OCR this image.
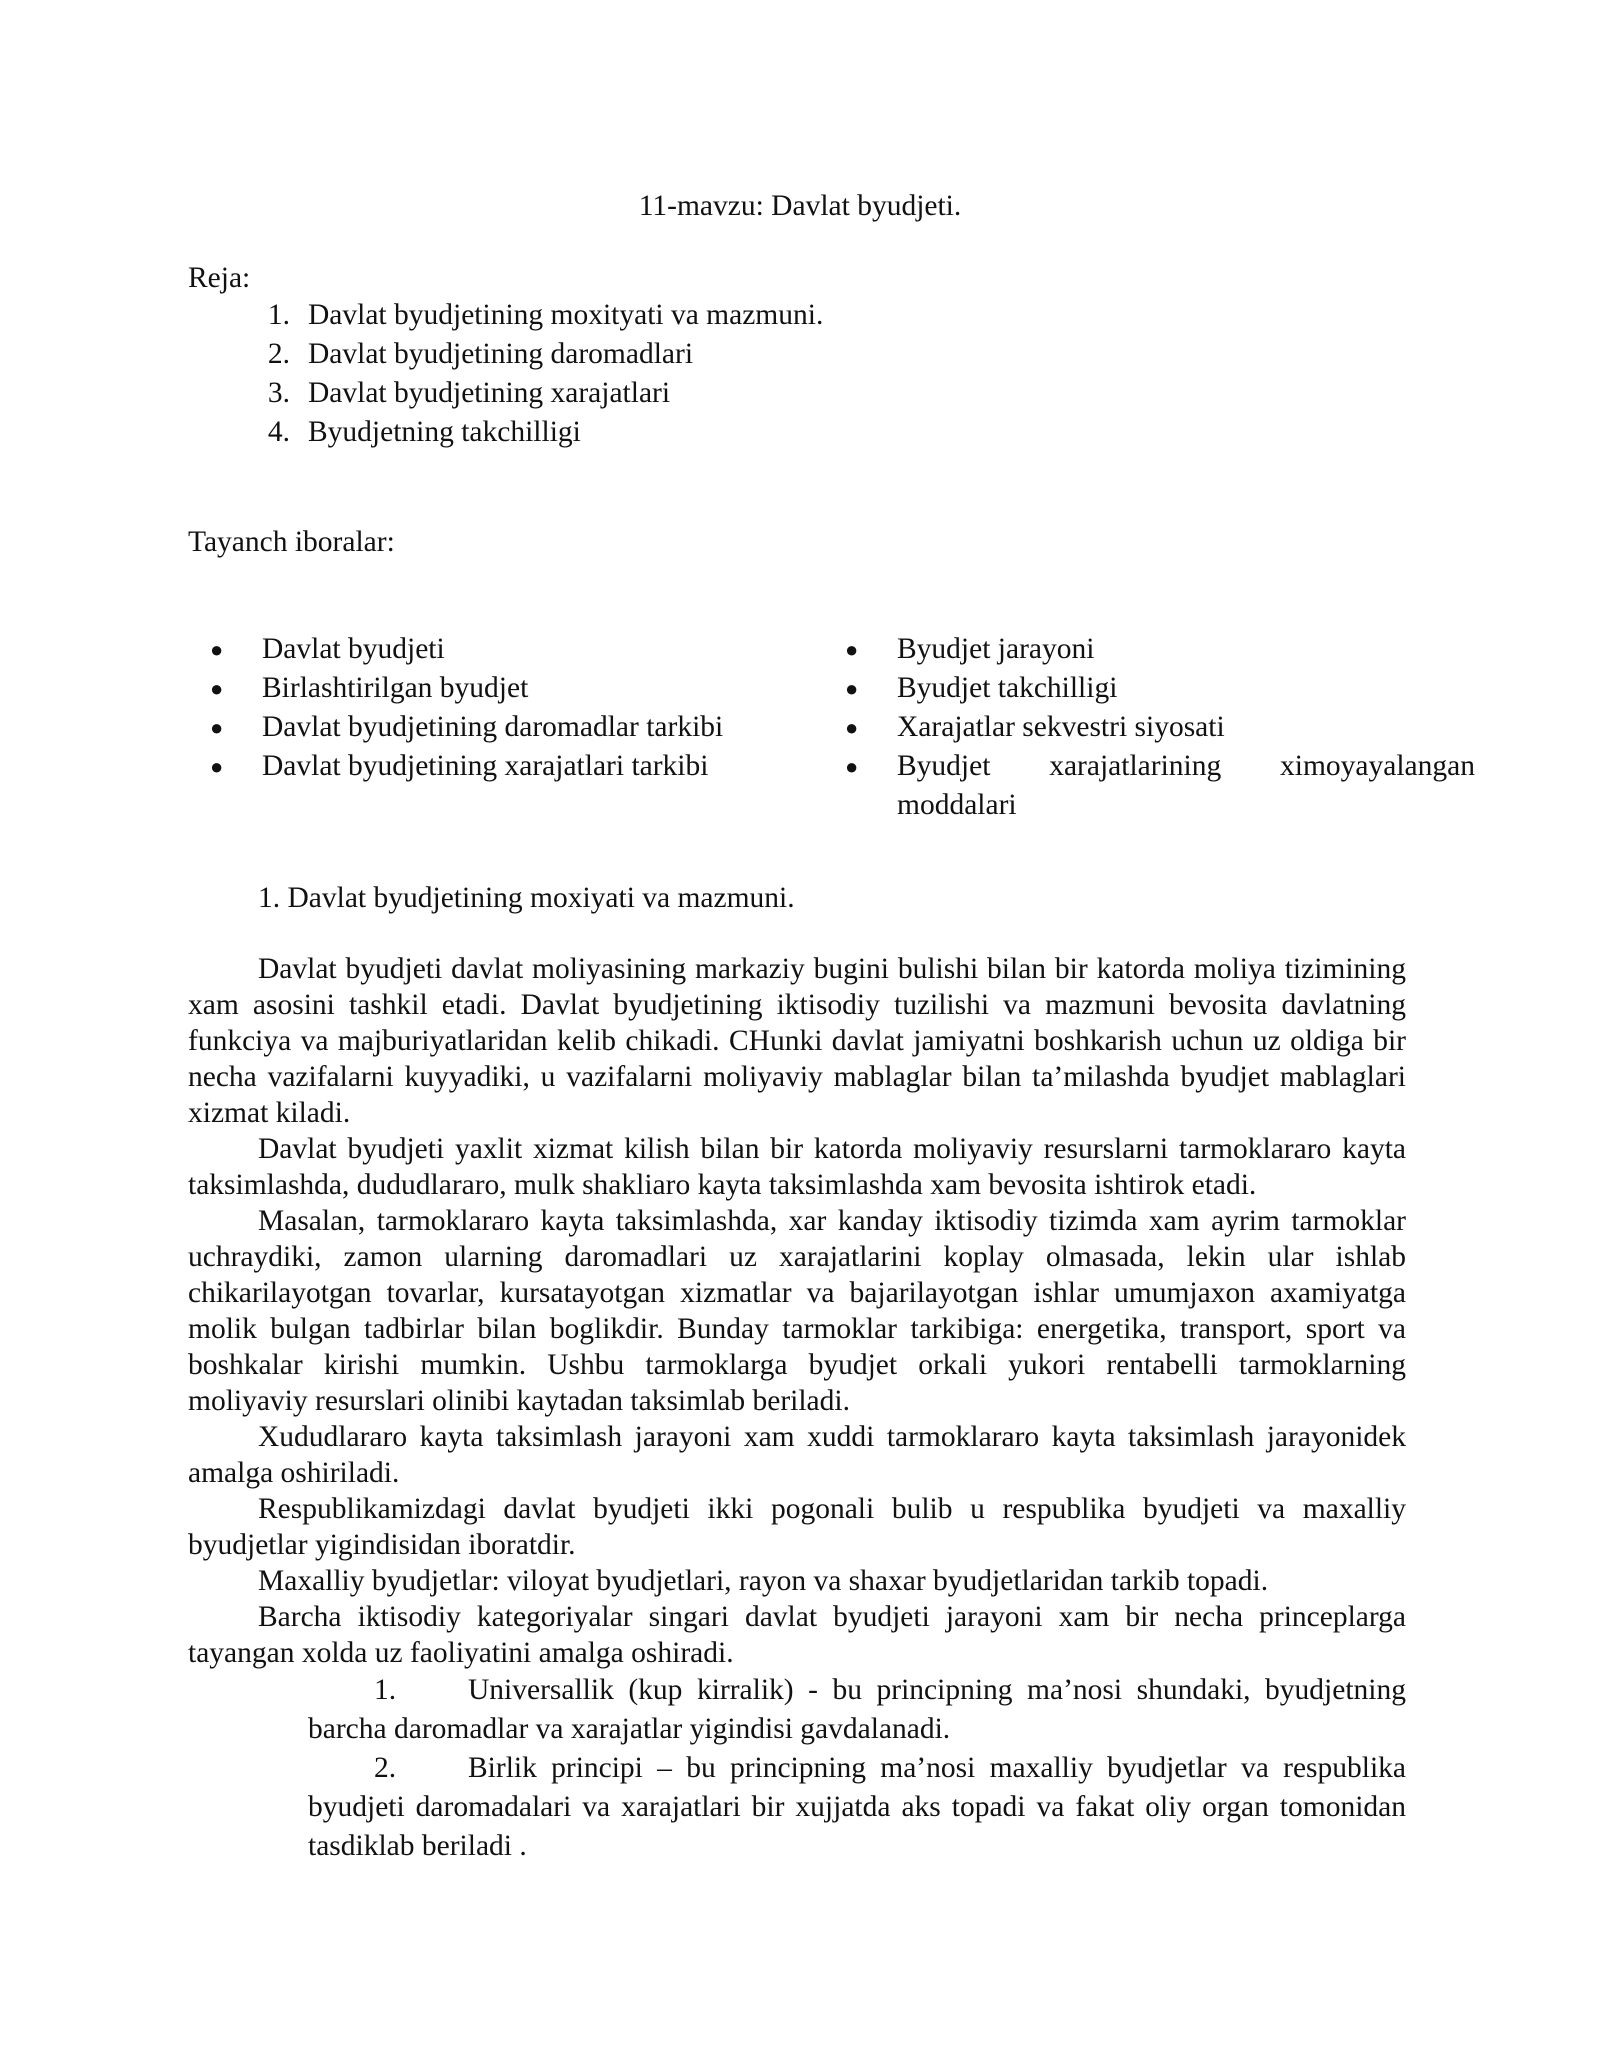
11-mavzu: Davlat byudjeti.
Reja:
1. Davlat byudjetining moxityati va mazmuni.
2. Davlat byudjetining daromadlari
3. Davlat byudjetining xarajatlari
4. Byudjetning takchilligi
Tayanch iboralar:
● Davlat byudjeti
● Birlashtirilgan byudjet
● Davlat byudjetining daromadlar tarkibi
● Davlat byudjetining xarajatlari tarkibi
● Byudjet jarayoni
● Byudjet takchilligi
● Xarajatlar sekvestri siyosati
● Byudjet xarajatlarining ximoyayalangan moddalari
1. Davlat byudjetining moxiyati va mazmuni.

Davlat byudjeti davlat moliyasining markaziy bugini bulishi bilan bir katorda moliya tizimining xam asosini tashkil etadi. Davlat byudjetining iktisodiy tuzilishi va mazmuni bevosita davlatning funkciya va majburiyatlaridan kelib chikadi. CHunki davlat jamiyatni boshkarish uchun uz oldiga bir necha vazifalarni kuyyadiki, u vazifalarni moliyaviy mablaglar bilan ta’milashda byudjet mablaglari xizmat kiladi.

Davlat byudjeti yaxlit xizmat kilish bilan bir katorda moliyaviy resurslarni tarmoklararo kayta taksimlashda, dududlararo, mulk shakliaro kayta taksimlashda xam bevosita ishtirok etadi.

Masalan, tarmoklararo kayta taksimlashda, xar kanday iktisodiy tizimda xam ayrim tarmoklar uchraydiki, zamon ularning daromadlari uz xarajatlarini koplay olmasada, lekin ular ishlab chikarilayotgan tovarlar, kursatayotgan xizmatlar va bajarilayotgan ishlar umumjaxon axamiyatga molik bulgan tadbirlar bilan boglikdir. Bunday tarmoklar tarkibiga: energetika, transport, sport va boshkalar kirishi mumkin. Ushbu tarmoklarga byudjet orkali yukori rentabelli tarmoklarning moliyaviy resurslari olinibi kaytadan taksimlab beriladi.

Xududlararo kayta taksimlash jarayoni xam xuddi tarmoklararo kayta taksimlash jarayonidek amalga oshiriladi.

Respublikamizdagi davlat byudjeti ikki pogonali bulib u respublika byudjeti va maxalliy byudjetlar yigindisidan iboratdir.

Maxalliy byudjetlar: viloyat byudjetlari, rayon va shaxar byudjetlaridan tarkib topadi.

Barcha iktisodiy kategoriyalar singari davlat byudjeti jarayoni xam bir necha princeplarga tayangan xolda uz faoliyatini amalga oshiradi.

1. Universallik (kup kirralik) - bu principning ma’nosi shundaki, byudjetning barcha daromadlar va xarajatlar yigindisi gavdalanadi.
2. Birlik principi – bu principning ma’nosi maxalliy byudjetlar va respublika byudjeti daromadalari va xarajatlari bir xujjatda aks topadi va fakat oliy organ tomonidan tasdiklab beriladi .
